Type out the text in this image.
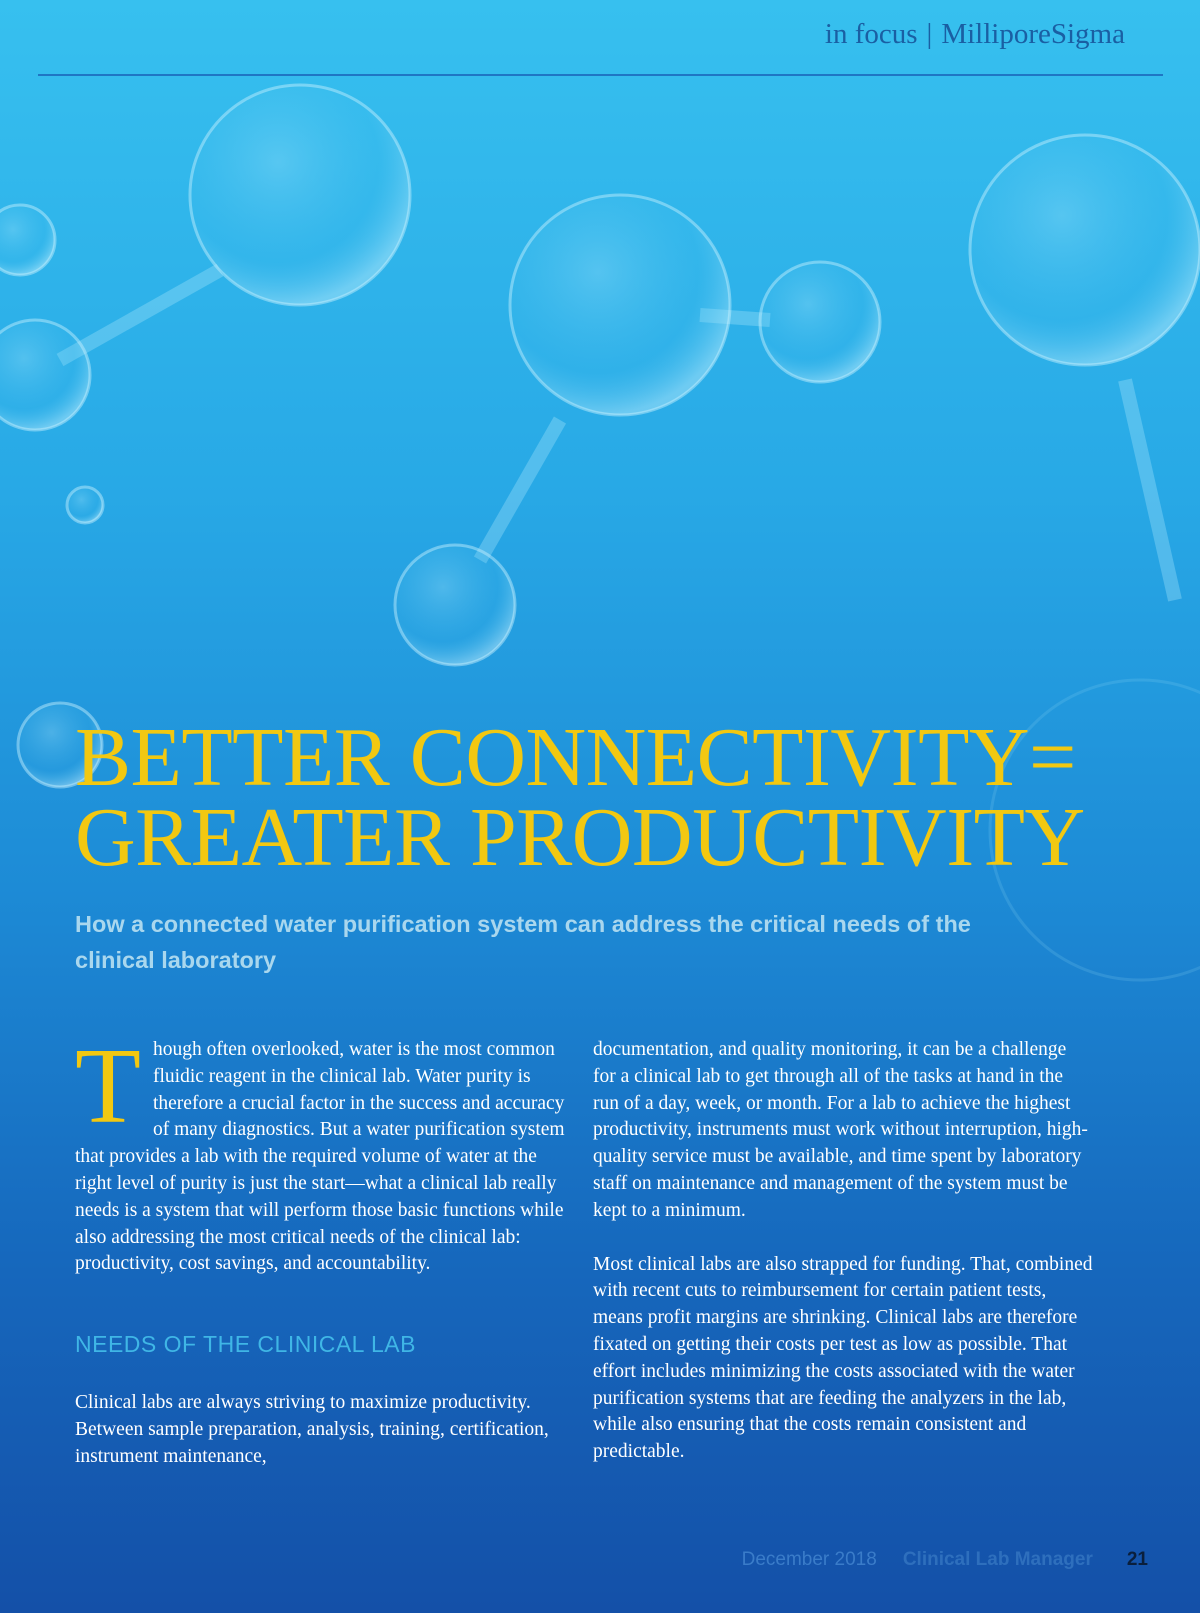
in focus | MilliporeSigma
BETTER CONNECTIVITY=
GREATER PRODUCTIVITY

How a connected water purification system can address the critical needs of the clinical laboratory

Though often overlooked, water is the most common fluidic reagent in the clinical lab. Water purity is therefore a crucial factor in the success and accuracy of many diagnostics. But a water purification system that provides a lab with the required volume of water at the right level of purity is just the start—what a clinical lab really needs is a system that will perform those basic functions while also addressing the most critical needs of the clinical lab: productivity, cost savings, and accountability.

NEEDS OF THE CLINICAL LAB

Clinical labs are always striving to maximize productivity. Between sample preparation, analysis, training, certification, instrument maintenance,

documentation, and quality monitoring, it can be a challenge for a clinical lab to get through all of the tasks at hand in the run of a day, week, or month. For a lab to achieve the highest productivity, instruments must work without interruption, high-quality service must be available, and time spent by laboratory staff on maintenance and management of the system must be kept to a minimum.

Most clinical labs are also strapped for funding. That, combined with recent cuts to reimbursement for certain patient tests, means profit margins are shrinking. Clinical labs are therefore fixated on getting their costs per test as low as possible. That effort includes minimizing the costs associated with the water purification systems that are feeding the analyzers in the lab, while also ensuring that the costs remain consistent and predictable.

December 2018 Clinical Lab Manager 21
